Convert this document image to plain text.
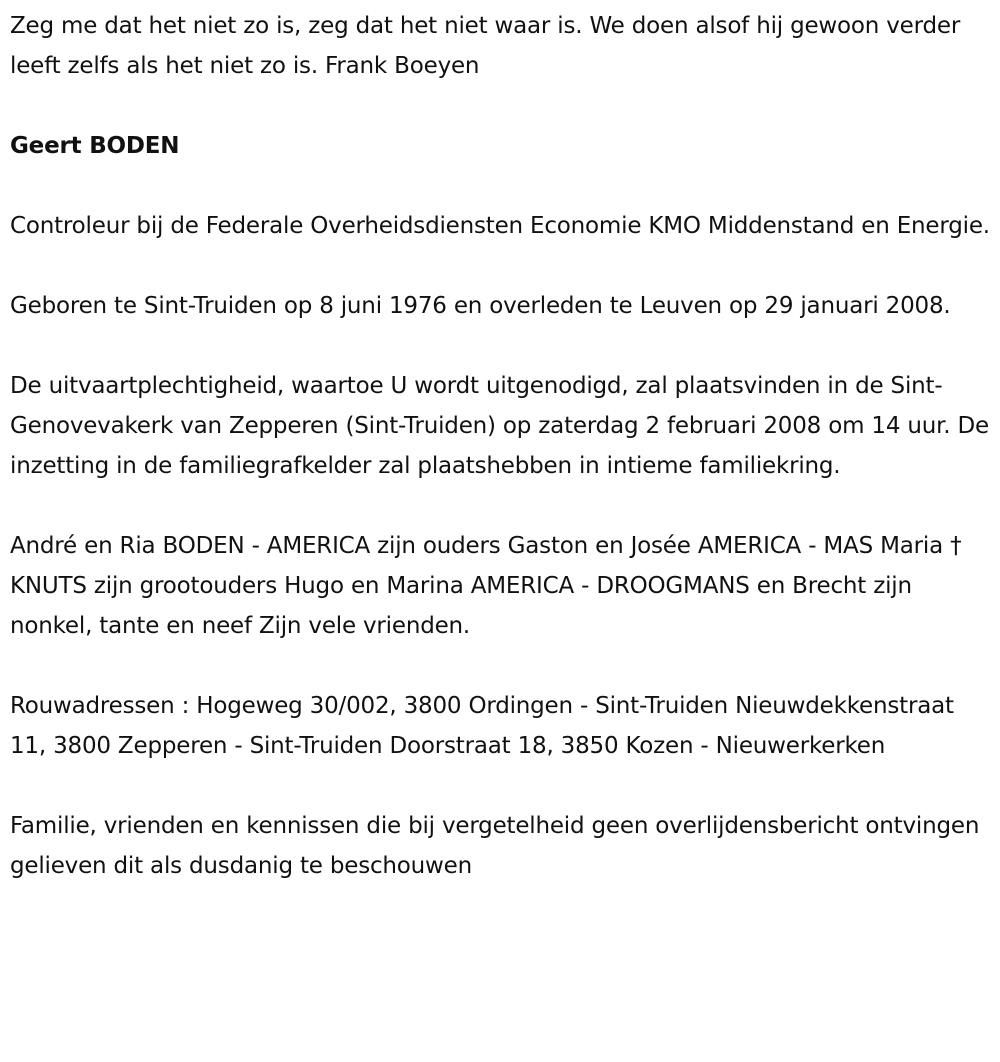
Zeg me dat het niet zo is, zeg dat het niet waar is. We doen alsof hij gewoon verder leeft zelfs als het niet zo is. Frank Boeyen

Geert BODEN

Controleur bij de Federale Overheidsdiensten Economie KMO Middenstand en Energie.

Geboren te Sint-Truiden op 8 juni 1976 en overleden te Leuven op 29 januari 2008.

De uitvaartplechtigheid, waartoe U wordt uitgenodigd, zal plaatsvinden in de Sint-Genovevakerk van Zepperen (Sint-Truiden) op zaterdag 2 februari 2008 om 14 uur. De inzetting in de familiegrafkelder zal plaatshebben in intieme familiekring.

André en Ria BODEN - AMERICA zijn ouders Gaston en Josée AMERICA - MAS Maria † KNUTS zijn grootouders Hugo en Marina AMERICA - DROOGMANS en Brecht zijn nonkel, tante en neef Zijn vele vrienden.

Rouwadressen : Hogeweg 30/002, 3800 Ordingen - Sint-Truiden Nieuwdekkenstraat 11, 3800 Zepperen - Sint-Truiden Doorstraat 18, 3850 Kozen - Nieuwerkerken

Familie, vrienden en kennissen die bij vergetelheid geen overlijdensbericht ontvingen gelieven dit als dusdanig te beschouwen
